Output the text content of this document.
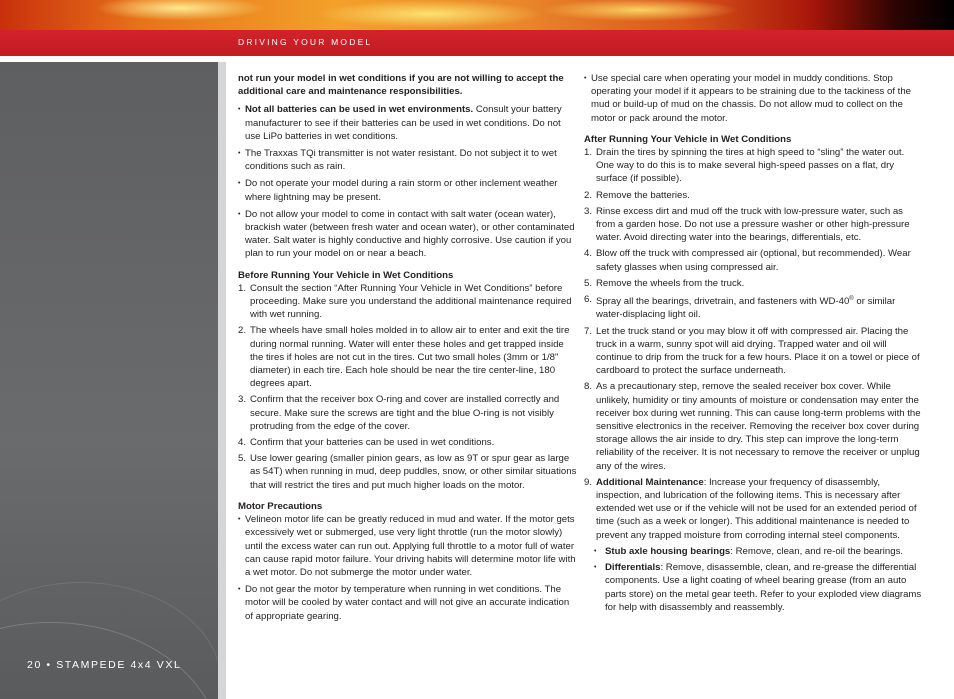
DRIVING YOUR MODEL
20 • STAMPEDE 4x4 VXL

not run your model in wet conditions if you are not willing to accept the additional care and maintenance responsibilities.

• Not all batteries can be used in wet environments. Consult your battery manufacturer to see if their batteries can be used in wet conditions. Do not use LiPo batteries in wet conditions.

• The Traxxas TQi transmitter is not water resistant. Do not subject it to wet conditions such as rain.

• Do not operate your model during a rain storm or other inclement weather where lightning may be present.

• Do not allow your model to come in contact with salt water (ocean water), brackish water (between fresh water and ocean water), or other contaminated water. Salt water is highly conductive and highly corrosive. Use caution if you plan to run your model on or near a beach.

Before Running Your Vehicle in Wet Conditions

1. Consult the section “After Running Your Vehicle in Wet Conditions” before proceeding. Make sure you understand the additional maintenance required with wet running.
2. The wheels have small holes molded in to allow air to enter and exit the tire during normal running. Water will enter these holes and get trapped inside the tires if holes are not cut in the tires. Cut two small holes (3mm or 1/8" diameter) in each tire. Each hole should be near the tire center-line, 180 degrees apart.
3. Confirm that the receiver box O-ring and cover are installed correctly and secure. Make sure the screws are tight and the blue O-ring is not visibly protruding from the edge of the cover.
4. Confirm that your batteries can be used in wet conditions.
5. Use lower gearing (smaller pinion gears, as low as 9T or spur gear as large as 54T) when running in mud, deep puddles, snow, or other similar situations that will restrict the tires and put much higher loads on the motor.

Motor Precautions

• Velineon motor life can be greatly reduced in mud and water. If the motor gets excessively wet or submerged, use very light throttle (run the motor slowly) until the excess water can run out. Applying full throttle to a motor full of water can cause rapid motor failure. Your driving habits will determine motor life with a wet motor. Do not submerge the motor under water.

• Do not gear the motor by temperature when running in wet conditions. The motor will be cooled by water contact and will not give an accurate indication of appropriate gearing.

• Use special care when operating your model in muddy conditions. Stop operating your model if it appears to be straining due to the tackiness of the mud or build-up of mud on the chassis. Do not allow mud to collect on the motor or pack around the motor.

After Running Your Vehicle in Wet Conditions

1. Drain the tires by spinning the tires at high speed to “sling” the water out. One way to do this is to make several high-speed passes on a flat, dry surface (if possible).
2. Remove the batteries.
3. Rinse excess dirt and mud off the truck with low-pressure water, such as from a garden hose. Do not use a pressure washer or other high-pressure water. Avoid directing water into the bearings, differentials, etc.
4. Blow off the truck with compressed air (optional, but recommended). Wear safety glasses when using compressed air.
5. Remove the wheels from the truck.
6. Spray all the bearings, drivetrain, and fasteners with WD-40® or similar water-displacing light oil.
7. Let the truck stand or you may blow it off with compressed air. Placing the truck in a warm, sunny spot will aid drying. Trapped water and oil will continue to drip from the truck for a few hours. Place it on a towel or piece of cardboard to protect the surface underneath.
8. As a precautionary step, remove the sealed receiver box cover. While unlikely, humidity or tiny amounts of moisture or condensation may enter the receiver box during wet running. This can cause long-term problems with the sensitive electronics in the receiver. Removing the receiver box cover during storage allows the air inside to dry. This step can improve the long-term reliability of the receiver. It is not necessary to remove the receiver or unplug any of the wires.
9. Additional Maintenance: Increase your frequency of disassembly, inspection, and lubrication of the following items. This is necessary after extended wet use or if the vehicle will not be used for an extended period of time (such as a week or longer). This additional maintenance is needed to prevent any trapped moisture from corroding internal steel components.
• Stub axle housing bearings: Remove, clean, and re-oil the bearings.
• Differentials: Remove, disassemble, clean, and re-grease the differential components. Use a light coating of wheel bearing grease (from an auto parts store) on the metal gear teeth. Refer to your exploded view diagrams for help with disassembly and reassembly.
